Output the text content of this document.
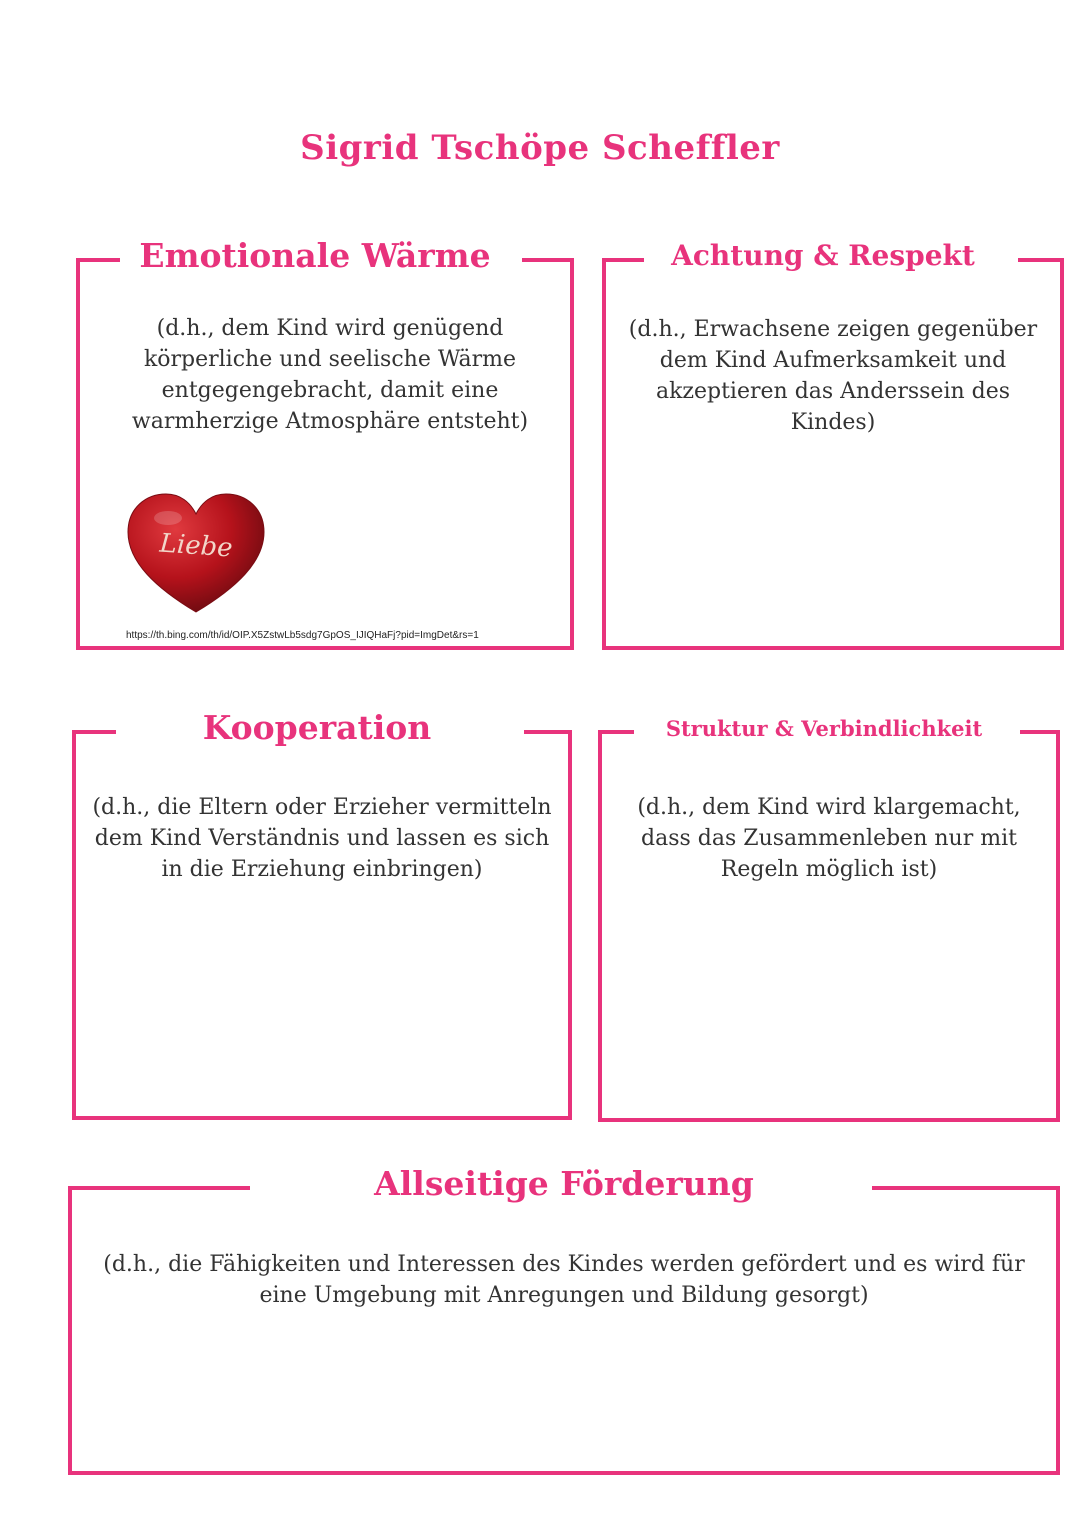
Sigrid Tschöpe Scheffler
Emotionale Wärme
(d.h., dem Kind wird genügend körperliche und seelische Wärme entgegengebracht, damit eine warmherzige Atmosphäre entsteht)
Liebe
https://th.bing.com/th/id/OIP.X5ZstwLb5sdg7GpOS_IJIQHaFj?pid=ImgDet&rs=1
Achtung & Respekt
(d.h., Erwachsene zeigen gegenüber dem Kind Aufmerksamkeit und akzeptieren das Anderssein des Kindes)
Kooperation
(d.h., die Eltern oder Erzieher vermitteln dem Kind Verständnis und lassen es sich in die Erziehung einbringen)
Struktur & Verbindlichkeit
(d.h., dem Kind wird klargemacht, dass das Zusammenleben nur mit Regeln möglich ist)
Allseitige Förderung
(d.h., die Fähigkeiten und Interessen des Kindes werden gefördert und es wird für eine Umgebung mit Anregungen und Bildung gesorgt)
